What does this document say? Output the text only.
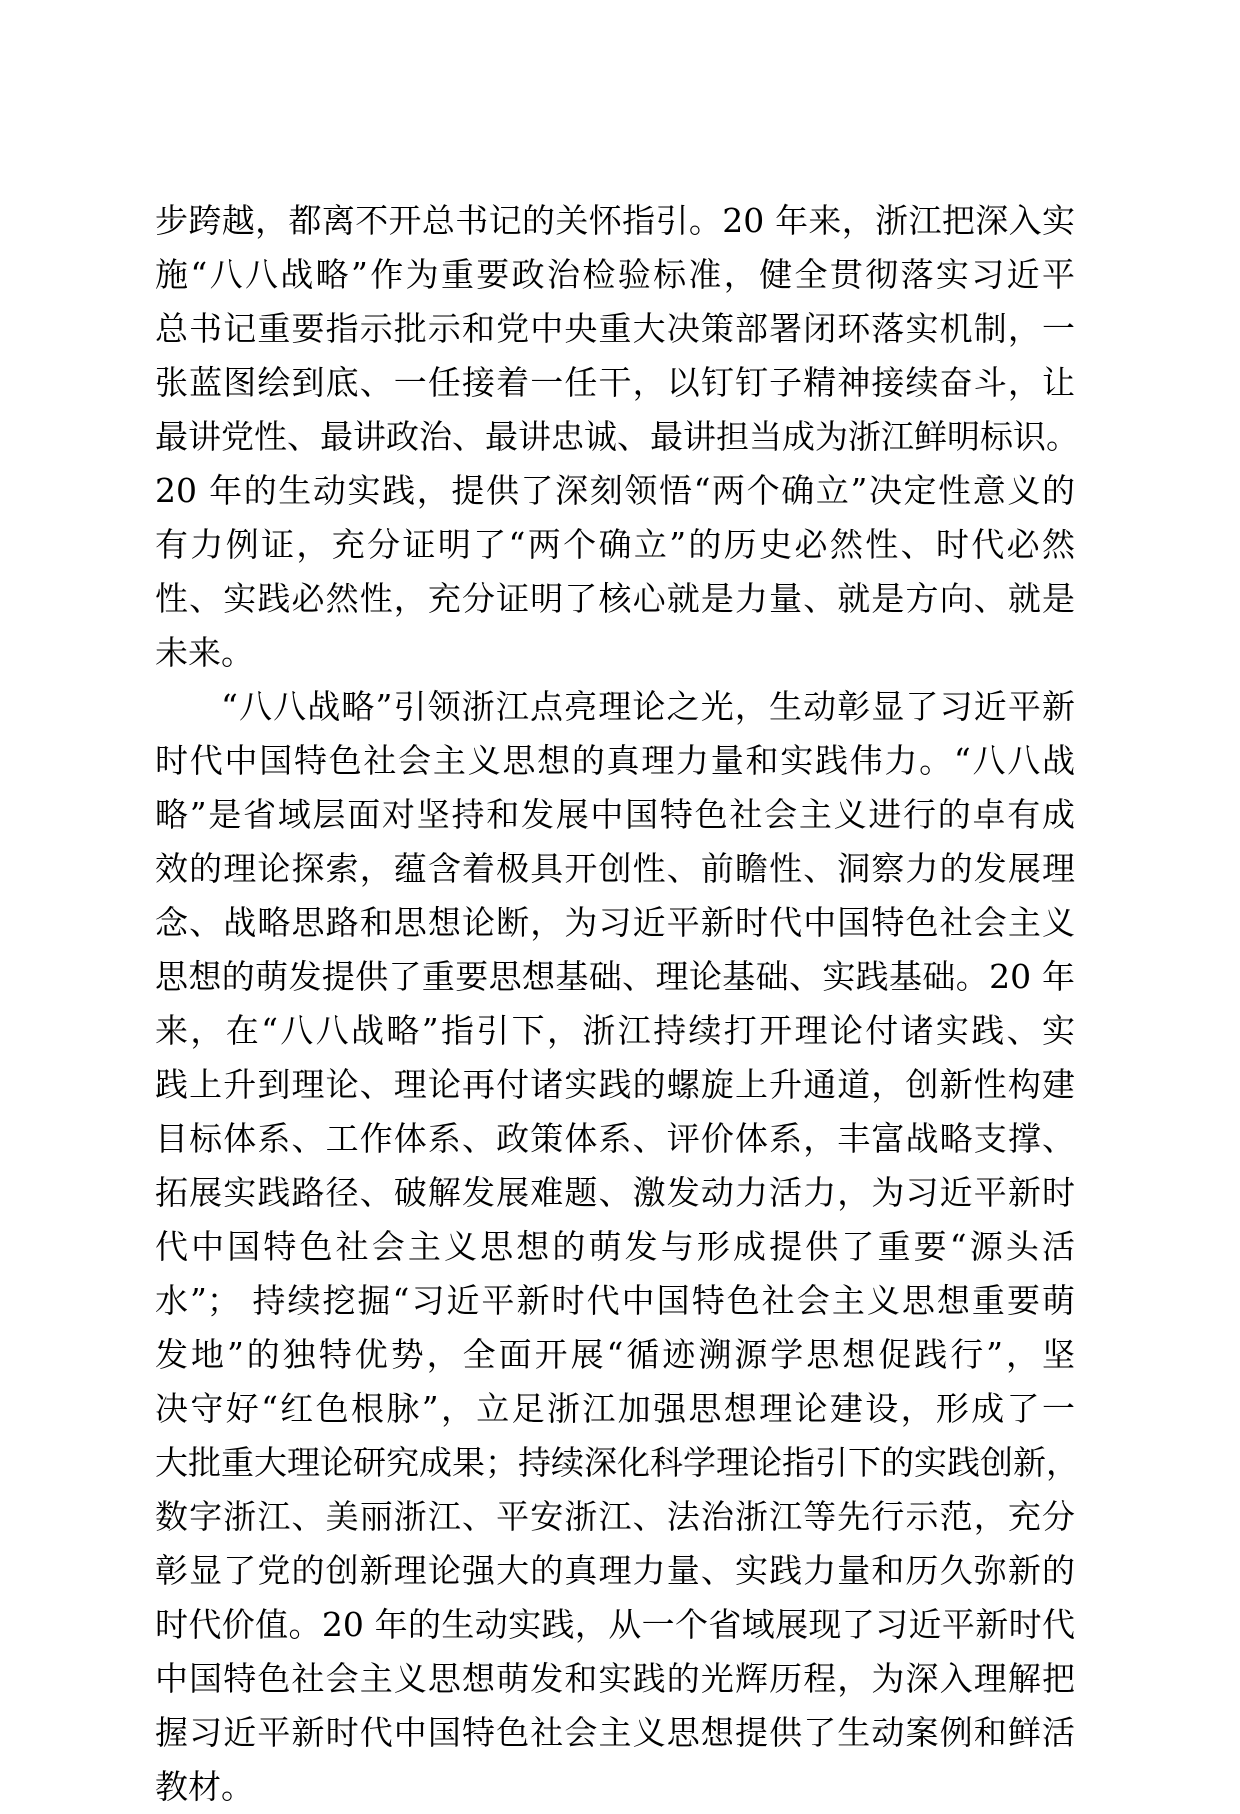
步跨越，都离不开总书记的关怀指引。20 年来，浙江把深入实
施“八八战略”作为重要政治检验标准，健全贯彻落实习近平
总书记重要指示批示和党中央重大决策部署闭环落实机制，一
张蓝图绘到底、一任接着一任干，以钉钉子精神接续奋斗，让
最讲党性、最讲政治、最讲忠诚、最讲担当成为浙江鲜明标识。
20 年的生动实践，提供了深刻领悟“两个确立”决定性意义的
有力例证，充分证明了“两个确立”的历史必然性、时代必然
性、实践必然性，充分证明了核心就是力量、就是方向、就是
未来。
“八八战略”引领浙江点亮理论之光，生动彰显了习近平新
时代中国特色社会主义思想的真理力量和实践伟力。“八八战
略”是省域层面对坚持和发展中国特色社会主义进行的卓有成
效的理论探索，蕴含着极具开创性、前瞻性、洞察力的发展理
念、战略思路和思想论断，为习近平新时代中国特色社会主义
思想的萌发提供了重要思想基础、理论基础、实践基础。20 年
来，在“八八战略”指引下，浙江持续打开理论付诸实践、实
践上升到理论、理论再付诸实践的螺旋上升通道，创新性构建
目标体系、工作体系、政策体系、评价体系，丰富战略支撑、
拓展实践路径、破解发展难题、激发动力活力，为习近平新时
代中国特色社会主义思想的萌发与形成提供了重要“源头活
水”； 持续挖掘“习近平新时代中国特色社会主义思想重要萌
发地”的独特优势，全面开展“循迹溯源学思想促践行”，坚
决守好“红色根脉”，立足浙江加强思想理论建设，形成了一
大批重大理论研究成果；持续深化科学理论指引下的实践创新，
数字浙江、美丽浙江、平安浙江、法治浙江等先行示范，充分
彰显了党的创新理论强大的真理力量、实践力量和历久弥新的
时代价值。20 年的生动实践，从一个省域展现了习近平新时代
中国特色社会主义思想萌发和实践的光辉历程，为深入理解把
握习近平新时代中国特色社会主义思想提供了生动案例和鲜活
教材。
